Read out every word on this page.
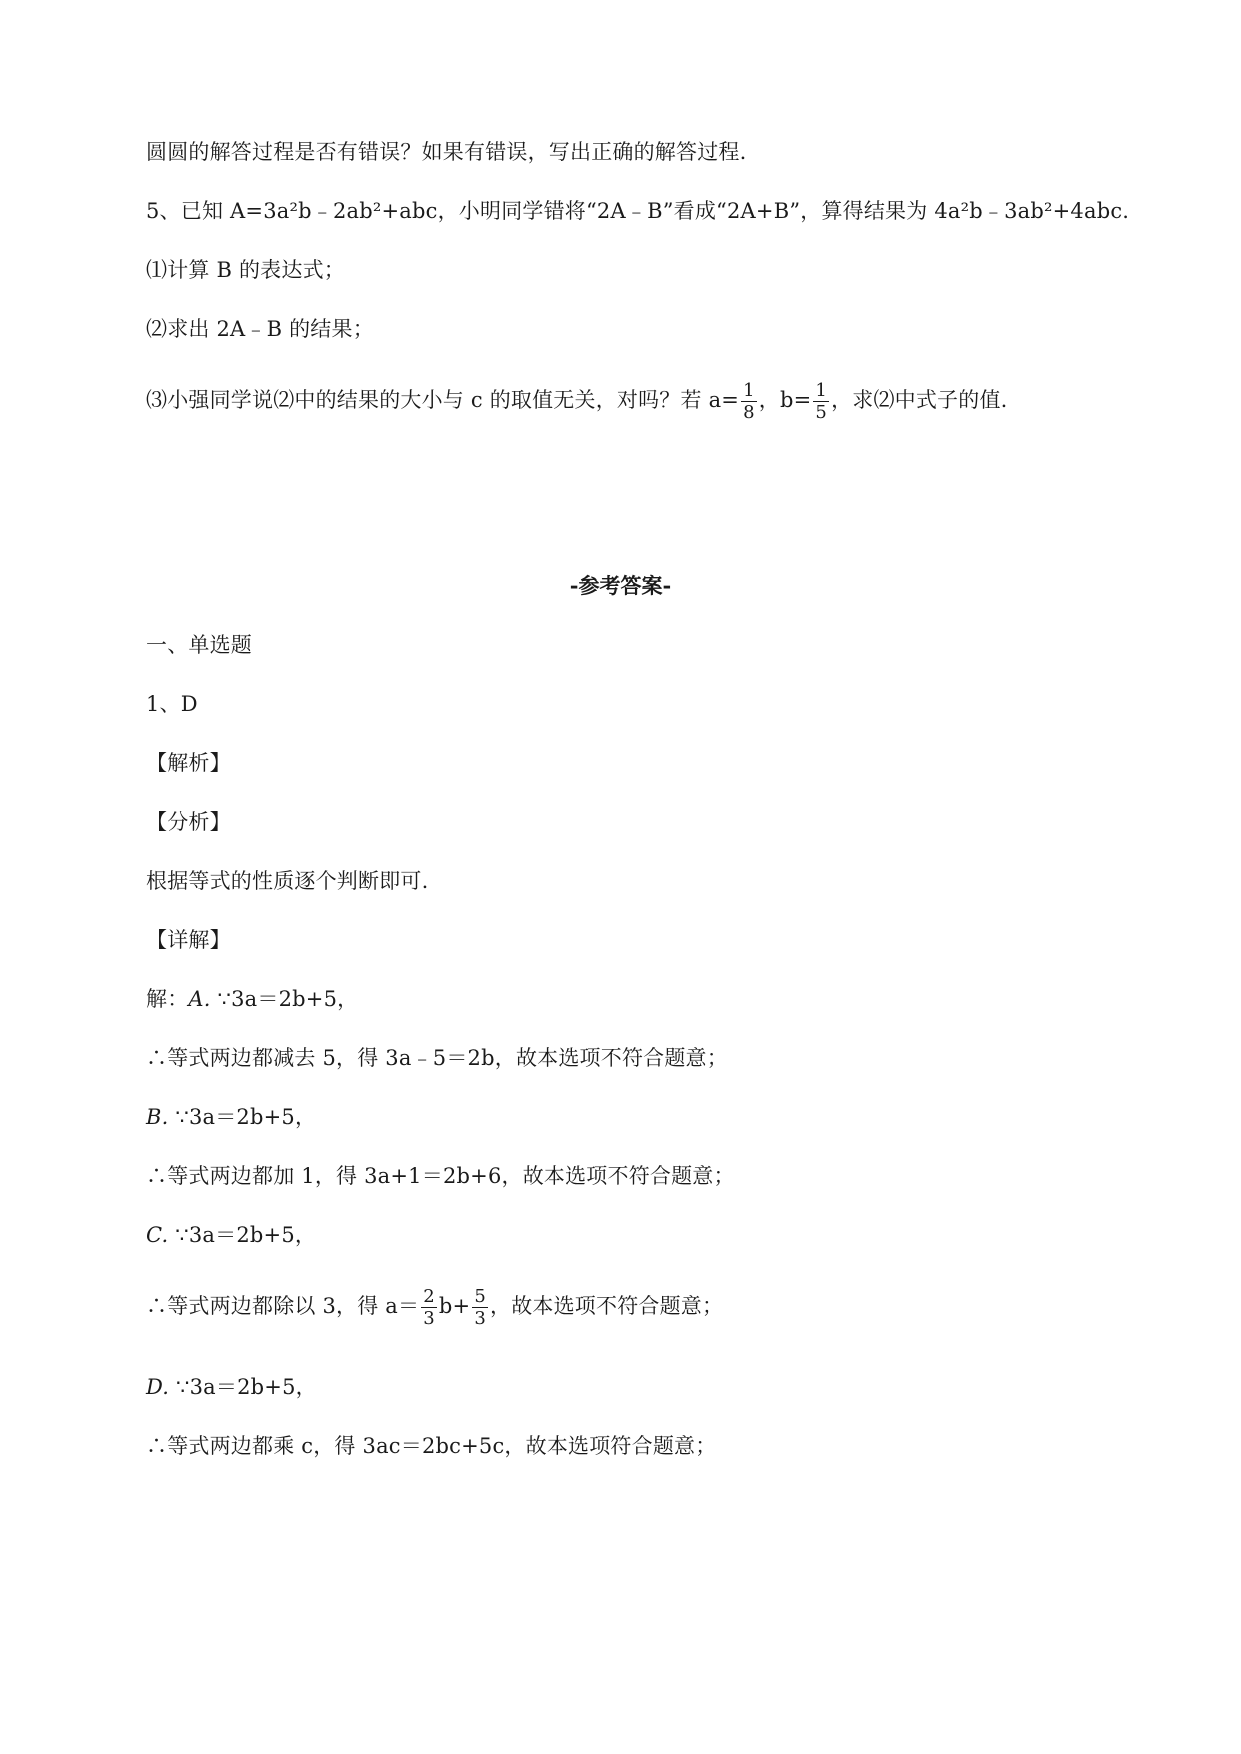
圆圆的解答过程是否有错误？如果有错误，写出正确的解答过程.
5、已知 A=3a²b﹣2ab²+abc，小明同学错将“2A﹣B”看成“2A+B”，算得结果为 4a²b﹣3ab²+4abc.
⑴计算 B 的表达式；
⑵求出 2A﹣B 的结果；
⑶小强同学说⑵中的结果的大小与 c 的取值无关，对吗？若 $a= \frac{1}{8}$ ，$b= \frac{1}{5}$ ，求⑵中式子的值.
-参考答案-
一、单选题
1、D
【解析】
【分析】
根据等式的性质逐个判断即可.
【详解】
解：A. ∵3a＝2b+5，
∴等式两边都减去 5，得 3a﹣5＝2b，故本选项不符合题意；
B. ∵3a＝2b+5，
∴等式两边都加 1，得 3a+1＝2b+6，故本选项不符合题意；
C. ∵3a＝2b+5，
∴等式两边都除以 3，得 $a= \frac{2}{3} b+ \frac{5}{3}$ ，故本选项不符合题意；
D. ∵3a＝2b+5，
∴等式两边都乘 c，得 3ac＝2bc+5c，故本选项符合题意；
